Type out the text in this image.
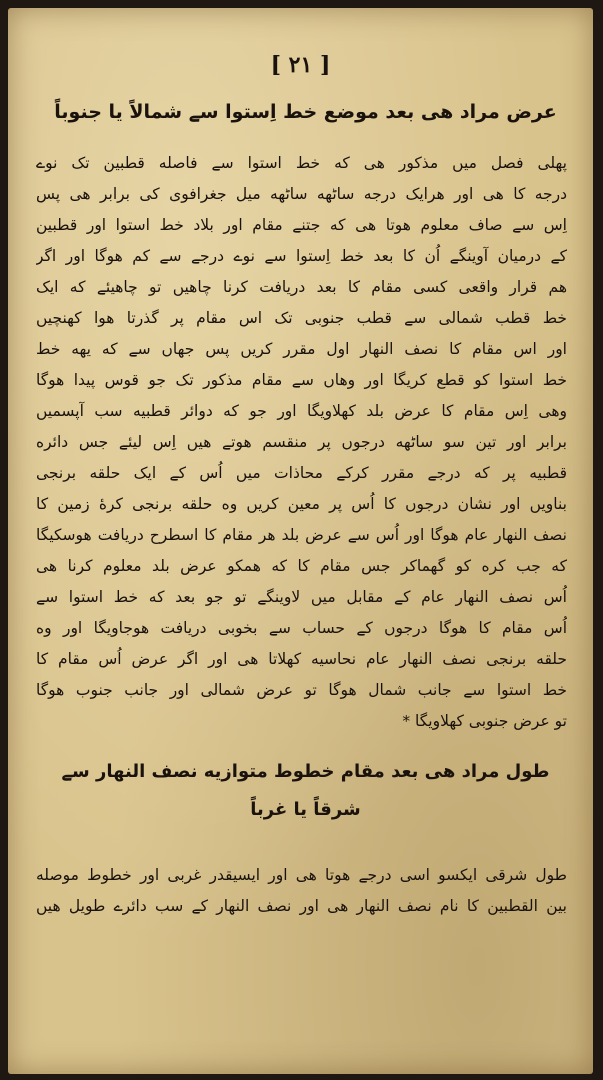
[ ٢١ ]
عرض مراد هی بعد موضع خط اِستوا سے شمالاً یا جنوباً
پهلی فصل میں مذکور هی که خط استوا سے فاصله قطبین تک نوے
درجه کا هی اور هرایک درجه ساٹهه ساٹهه میل جغرافوی کی برابر هی پس
اِس سے صاف معلوم هوتا هی که جتنے مقام اور بلاد خط استوا اور قطبین
کے درمیان آوینگے اُن کا بعد خط اِستوا سے نوے درجے سے کم هوگا اور اگر
هم قرار واقعی کسی مقام کا بعد دریافت کرنا چاهیں تو چاهیئے که ایک
خط قطب شمالی سے قطب جنوبی تک اس مقام پر گذرتا هوا کهنچیں
اور اس مقام کا نصف النهار اول مقرر کریں پس جهاں سے که یهه خط
خط استوا کو قطع کریگا اور وهاں سے مقام مذکور تک جو قوس پیدا هوگا
وهی اِس مقام کا عرض بلد کهلاویگا اور جو که دوائر قطبیه سب آپسمیں
برابر اور تین سو ساٹهه درجوں پر منقسم هوتے هیں اِس لیئے جس دائره
قطبیه پر که درجے مقرر کرکے محاذات میں اُس کے ایک حلقه برنجی
بناویں اور نشان درجوں کا اُس پر معین کریں وه حلقه برنجی کرهٔ زمین کا
نصف النهار عام هوگا اور اُس سے عرض بلد هر مقام کا اسطرح دریافت هوسکیگا
که جب کره کو گهماکر جس مقام کا که همکو عرض بلد معلوم کرنا هی
اُس نصف النهار عام کے مقابل میں لاوینگے تو جو بعد که خط استوا سے
اُس مقام کا هوگا درجوں کے حساب سے بخوبی دریافت هوجاویگا اور وه
حلقه برنجی نصف النهار عام نحاسیه کهلاتا هی اور اگر عرض اُس مقام کا
خط استوا سے جانب شمال هوگا تو عرض شمالی اور جانب جنوب هوگا
تو عرض جنوبی کهلاویگا *
طول مراد هی بعد مقام خطوط متوازیه نصف النهار سے
شرقاً یا غرباً
طول شرقی ایکسو اسی درجے هوتا هی اور ایسیقدر غربی اور خطوط موصله
بین القطبین کا نام نصف النهار هی اور نصف النهار کے سب دائرے طویل هیں
